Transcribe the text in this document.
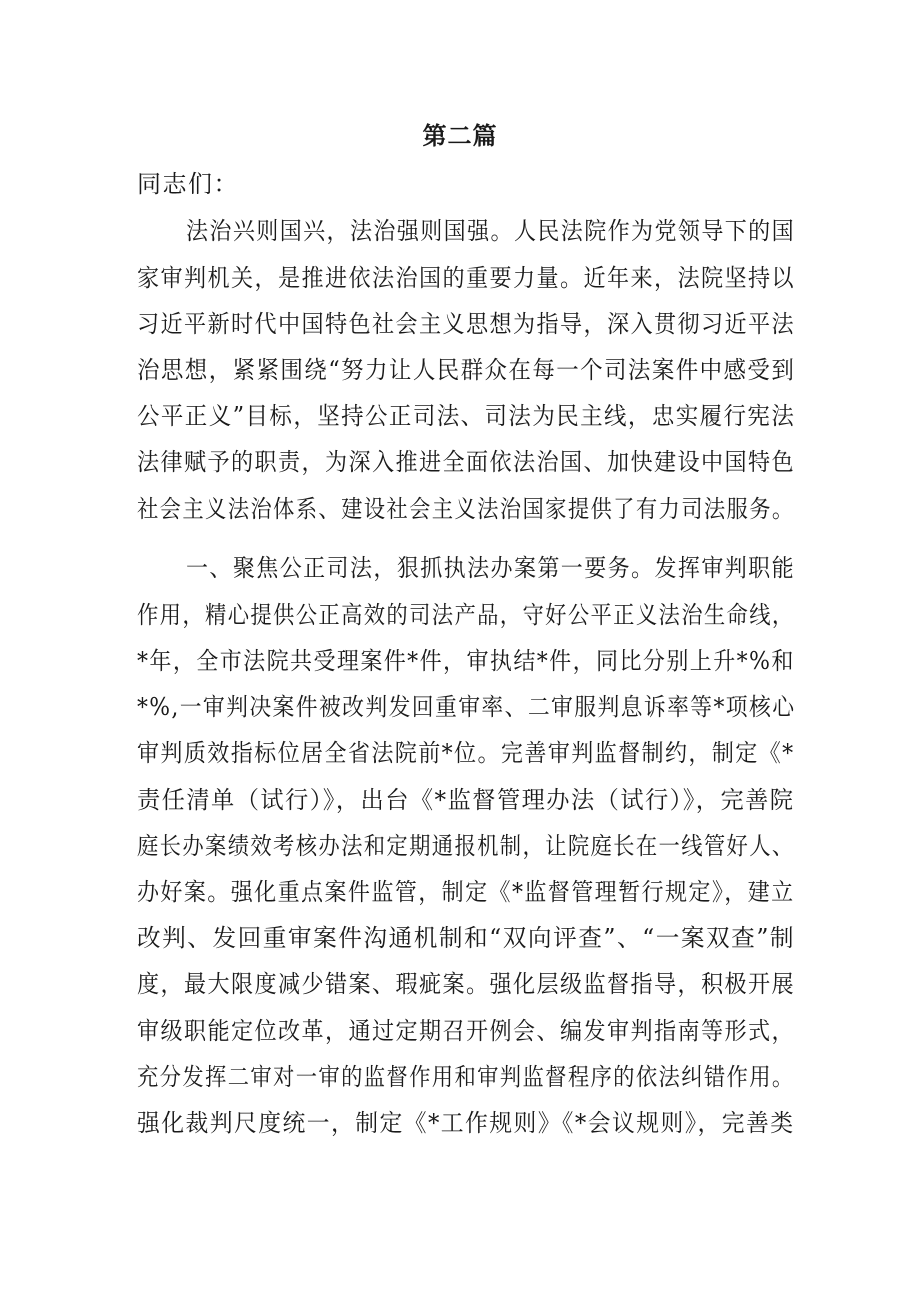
第二篇
同志们：
法治兴则国兴，法治强则国强。人民法院作为党领导下的国
家审判机关，是推进依法治国的重要力量。近年来，法院坚持以
习近平新时代中国特色社会主义思想为指导，深入贯彻习近平法
治思想，紧紧围绕“努力让人民群众在每一个司法案件中感受到
公平正义”目标，坚持公正司法、司法为民主线，忠实履行宪法
法律赋予的职责，为深入推进全面依法治国、加快建设中国特色
社会主义法治体系、建设社会主义法治国家提供了有力司法服务。
一、聚焦公正司法，狠抓执法办案第一要务。发挥审判职能
作用，精心提供公正高效的司法产品，守好公平正义法治生命线，
*年，全市法院共受理案件*件，审执结*件，同比分别上升*%和
*%,一审判决案件被改判发回重审率、二审服判息诉率等*项核心
审判质效指标位居全省法院前*位。完善审判监督制约，制定《*
责任清单（试行）》，出台《*监督管理办法（试行）》，完善院
庭长办案绩效考核办法和定期通报机制，让院庭长在一线管好人、
办好案。强化重点案件监管，制定《*监督管理暂行规定》，建立
改判、发回重审案件沟通机制和“双向评查”、“一案双查”制
度，最大限度减少错案、瑕疵案。强化层级监督指导，积极开展
审级职能定位改革，通过定期召开例会、编发审判指南等形式，
充分发挥二审对一审的监督作用和审判监督程序的依法纠错作用。
强化裁判尺度统一，制定《*工作规则》《*会议规则》，完善类
